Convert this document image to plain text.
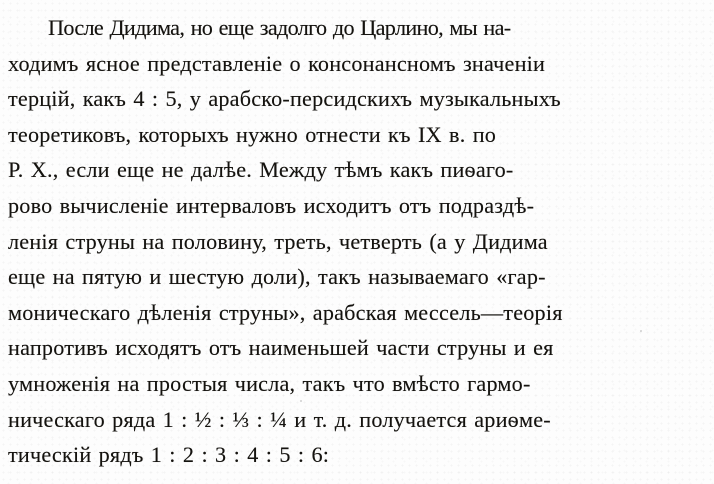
После Дидима, но еще задолго до Царлино, мы на-
ходимъ ясное представленіе о консонансномъ значеніи
терцій, какъ 4 : 5, у арабско-персидскихъ музыкальныхъ
теоретиковъ, которыхъ нужно отнести къ IX в. по
Р. Х., если еще не далѣе. Между тѣмъ какъ пиѳаго-
рово вычисленіе интерваловъ исходитъ отъ подраздѣ-
ленія струны на половину, треть, четверть (а у Дидима
еще на пятую и шестую доли), такъ называемаго «гар-
моническаго дѣленія струны», арабская мессель—теорія
напротивъ исходятъ отъ наименьшей части струны и ея
умноженія на простыя числа, такъ что вмѣсто гармо-
ническаго ряда 1 : ½ : ⅓ : ¼ и т. д. получается ариѳме-
тическій рядъ 1 : 2 : 3 : 4 : 5 : 6:
